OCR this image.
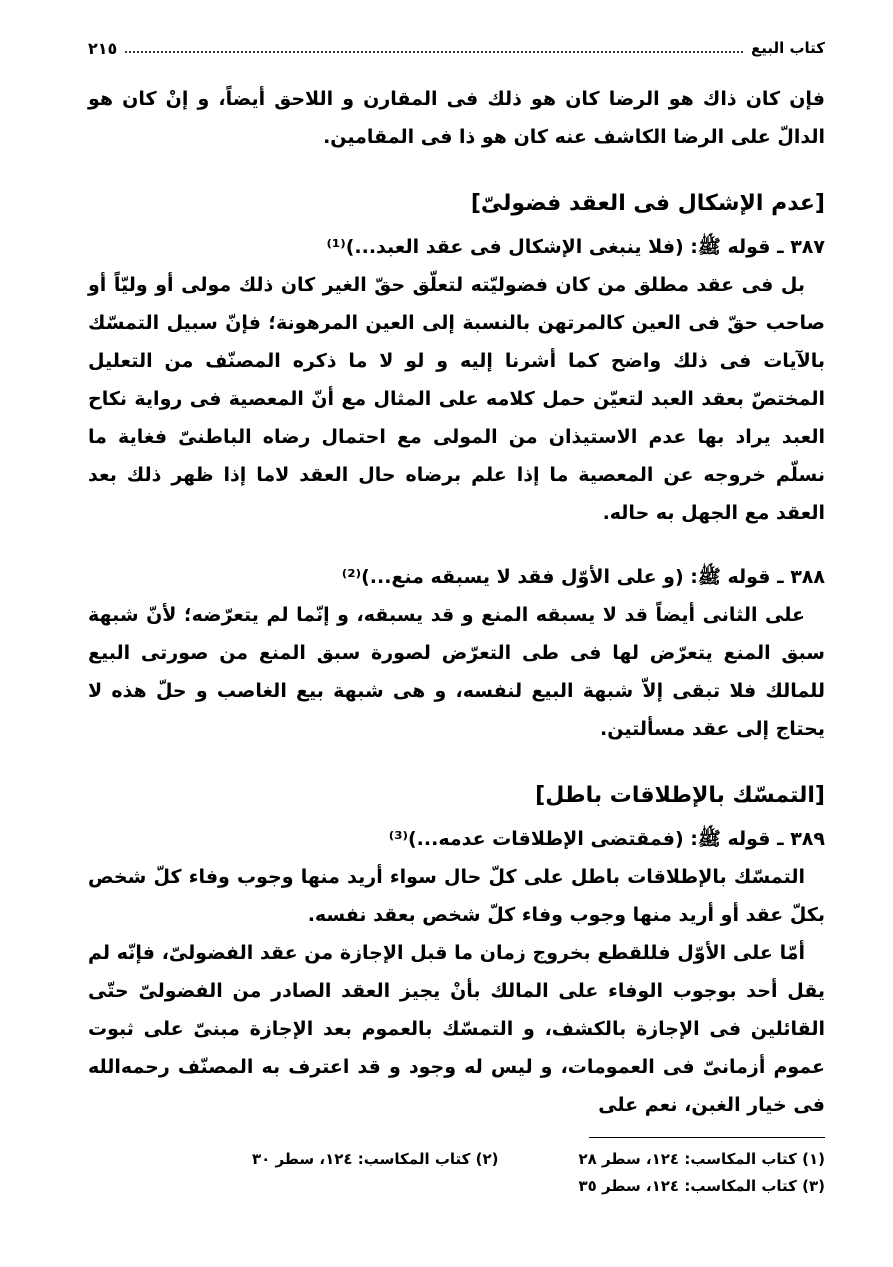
كتاب البيع
٢١٥

فإن كان ذاك هو الرضا كان هو ذلك فى المقارن و اللاحق أيضاً، و إنْ كان هو الدالّ على الرضا الكاشف عنه كان هو ذا فى المقامين.

[عدم الإشكال فى العقد فضولىّ]

٣٨٧ ـ قوله ﷺ: (فلا ينبغى الإشكال فى عقد العبد...)⁽¹⁾

بل فى عقد مطلق من كان فضوليّته لتعلّق حقّ الغير كان ذلك مولى أو وليّاً أو صاحب حقّ فى العين كالمرتهن بالنسبة إلى العين المرهونة؛ فإنّ سبيل التمسّك بالآيات فى ذلك واضح كما أشرنا إليه و لو لا ما ذكره المصنّف من التعليل المختصّ بعقد العبد لتعيّن حمل كلامه على المثال مع أنّ المعصية فى رواية نكاح العبد يراد بها عدم الاستيذان من المولى مع احتمال رضاه الباطنىّ فغاية ما نسلّم خروجه عن المعصية ما إذا علم برضاه حال العقد لاما إذا ظهر ذلك بعد العقد مع الجهل به حاله.

٣٨٨ ـ قوله ﷺ: (و على الأوّل فقد لا يسبقه منع...)⁽²⁾

على الثانى أيضاً قد لا يسبقه المنع و قد يسبقه، و إنّما لم يتعرّضه؛ لأنّ شبهة سبق المنع يتعرّض لها فى طى التعرّض لصورة سبق المنع من صورتى البيع للمالك فلا تبقى إلاّ شبهة البيع لنفسه، و هى شبهة بيع الغاصب و حلّ هذه لا يحتاج إلى عقد مسألتين.

[التمسّك بالإطلاقات باطل]

٣٨٩ ـ قوله ﷺ: (فمقتضى الإطلاقات عدمه...)⁽³⁾

التمسّك بالإطلاقات باطل على كلّ حال سواء أريد منها وجوب وفاء كلّ شخص بكلّ عقد أو أريد منها وجوب وفاء كلّ شخص بعقد نفسه.

أمّا على الأوّل فللقطع بخروج زمان ما قبل الإجازة من عقد الفضولىّ، فإنّه لم يقل أحد بوجوب الوفاء على المالك بأنْ يجيز العقد الصادر من الفضولىّ حتّى القائلين فى الإجازة بالكشف، و التمسّك بالعموم بعد الإجازة مبنىّ على ثبوت عموم أزمانىّ فى العمومات، و ليس له وجود و قد اعترف به المصنّف رحمه‌الله فى خيار الغبن، نعم على

(١) كتاب المكاسب: ١٢٤، سطر ٢٨
(٢) كتاب المكاسب: ١٢٤، سطر ٣٠
(٣) كتاب المكاسب: ١٢٤، سطر ٣٥
